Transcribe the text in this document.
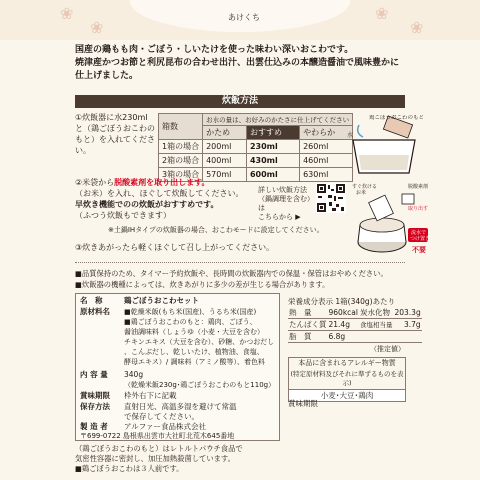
あけくち
❀
❀
❀
❀
国産の鶏もも肉・ごぼう・しいたけを使った味わい深いおこわです。
焼津産かつお節と利尻昆布の合わせ出汁、出雲仕込みの本醸造醤油で風味豊かに仕上げました。
炊飯方法
①炊飯器に水230mlと（鶏ごぼうおこわのもと）を入れてください。
箱数	お水の量は、お好みのかたさに仕上げてください		
	かため	おすすめ	やわらか
1箱の場合	200ml	230ml	260ml
2箱の場合	400ml	430ml	460ml
3箱の場合	570ml	600ml	630ml
水
鶏ごぼうおこわのもと
②米袋から脱酸素剤を取り出します。
（お米）を入れ、ほぐして炊飯してください。
早炊き機能でのの炊飯がおすすめです。
（ふつう炊飯もできます）
詳しい炊飯方法
（鍋調理を含む）は
こちらから ▶
すぐ炊ける
お米
脱酸素剤
取り出す
流水で
つけ置き
不要
※土鍋IHタイプの炊飯器の場合、おこわモードに設定してください。
③炊きあがったら軽くほぐして召し上がってください。
■品質保持のため、タイマー予約炊飯や、長時間の炊飯器内での保温・保管はおやめください。
■炊飯器の機種によっては、炊きあがりに多少の差が生じる場合があります。
名　称	鶏ごぼうおこわセット
原材料名 ■乾燥米飯(もち米(国産)、うるち米(国産)
■鶏ごぼうおこわのもと：鶏肉、ごぼう、
醤油調味料（しょうゆ（小麦・大豆を含む）
チキンエキス（大豆を含む）、砂糖、かつおだし
、こんぶだし、乾しいたけ、植物油、食塩、
酵母エキス）/ 調味料（アミノ酸等）、着色料
内 容 量 340g
（乾燥米飯230g･鶏ごぼうおこわのもと110g）
賞味期限 枠外右下に記載
保存方法 直射日光、高温多湿を避けて常温
で保存してください。
製 造 者 アルファー食品株式会社
〒699-0722 島根県出雲市大社町北荒木645番地
栄養成分表示 1箱(340g)あたり
熱　量	960kcal	炭水化物	203.3g
たんぱく質	21.4g	食塩相当量	3.7g
脂　質	6.8g		
（推定値）
本品に含まれるアレルギー物質
(特定原材料及びそれに準ずるものを表示)
小麦･大豆･鶏肉
賞味期限
（鶏ごぼうおこわのもと）はレトルトパウチ食品で
気密性容器に密封し、加圧加熱殺菌しています。
■鶏ごぼうおこわは３人前です。
